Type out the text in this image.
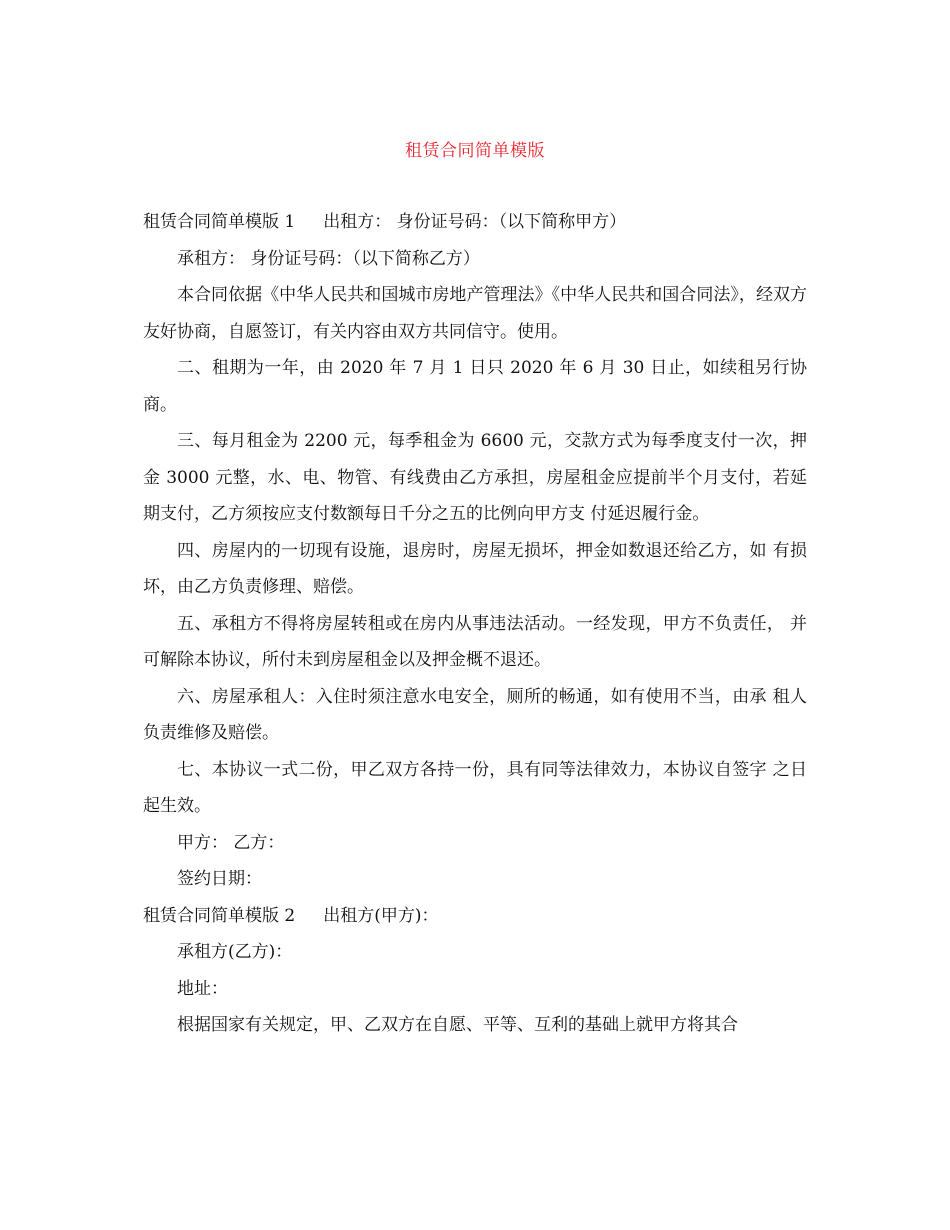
租赁合同简单模版

租赁合同简单模版 1 出租方： 身份证号码：（以下简称甲方）

承租方： 身份证号码：（以下简称乙方）

本合同依据《中华人民共和国城市房地产管理法》《中华人民共和国合同法》，经双方友好协商，自愿签订，有关内容由双方共同信守。使用。

二、租期为一年，由 2020 年 7 月 1 日只 2020 年 6 月 30 日止，如续租另行协商。

三、每月租金为 2200 元，每季租金为 6600 元，交款方式为每季度支付一次，押金 3000 元整，水、电、物管、有线费由乙方承担，房屋租金应提前半个月支付，若延期支付，乙方须按应支付数额每日千分之五的比例向甲方支 付延迟履行金。

四、房屋内的一切现有设施，退房时，房屋无损坏，押金如数退还给乙方，如 有损坏，由乙方负责修理、赔偿。

五、承租方不得将房屋转租或在房内从事违法活动。一经发现，甲方不负责任， 并可解除本协议，所付未到房屋租金以及押金概不退还。

六、房屋承租人：入住时须注意水电安全，厕所的畅通，如有使用不当，由承 租人负责维修及赔偿。

七、本协议一式二份，甲乙双方各持一份，具有同等法律效力，本协议自签字 之日起生效。

甲方： 乙方：

签约日期：

租赁合同简单模版 2 出租方(甲方)：

承租方(乙方)：

地址：

根据国家有关规定，甲、乙双方在自愿、平等、互利的基础上就甲方将其合
